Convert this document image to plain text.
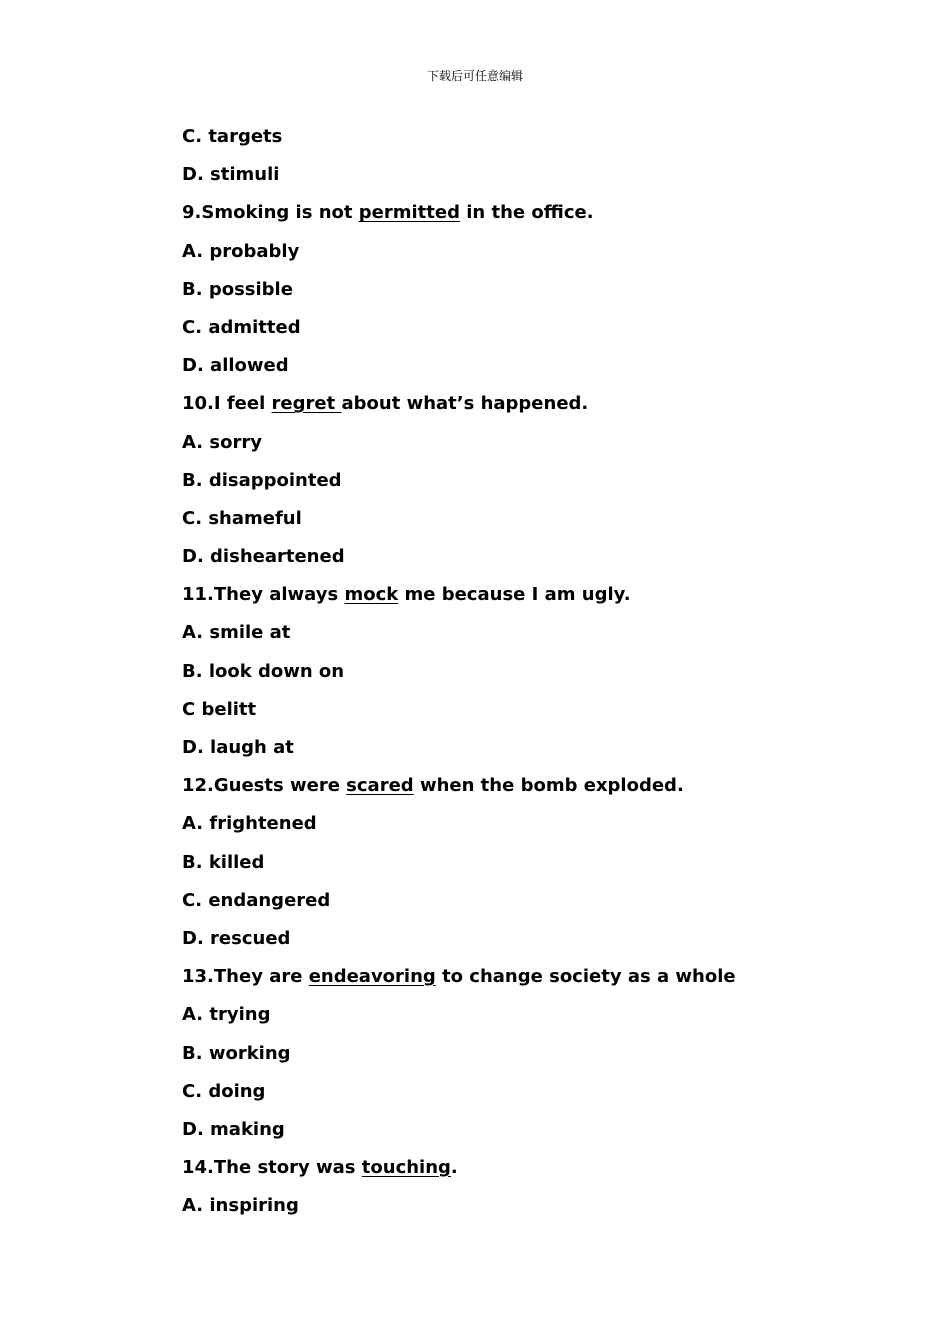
下载后可任意编辑
C. targets
D. stimuli
9.Smoking is not permitted in the office.
A. probably
B. possible
C. admitted
D. allowed
10.I feel regret about what’s happened.
A. sorry
B. disappointed
C. shameful
D. disheartened
11.They always mock me because I am ugly.
A. smile at
B. look down on
C belitt
D. laugh at
12.Guests were scared when the bomb exploded.
A. frightened
B. killed
C. endangered
D. rescued
13.They are endeavoring to change society as a whole
A. trying
B. working
C. doing
D. making
14.The story was touching.
A. inspiring
